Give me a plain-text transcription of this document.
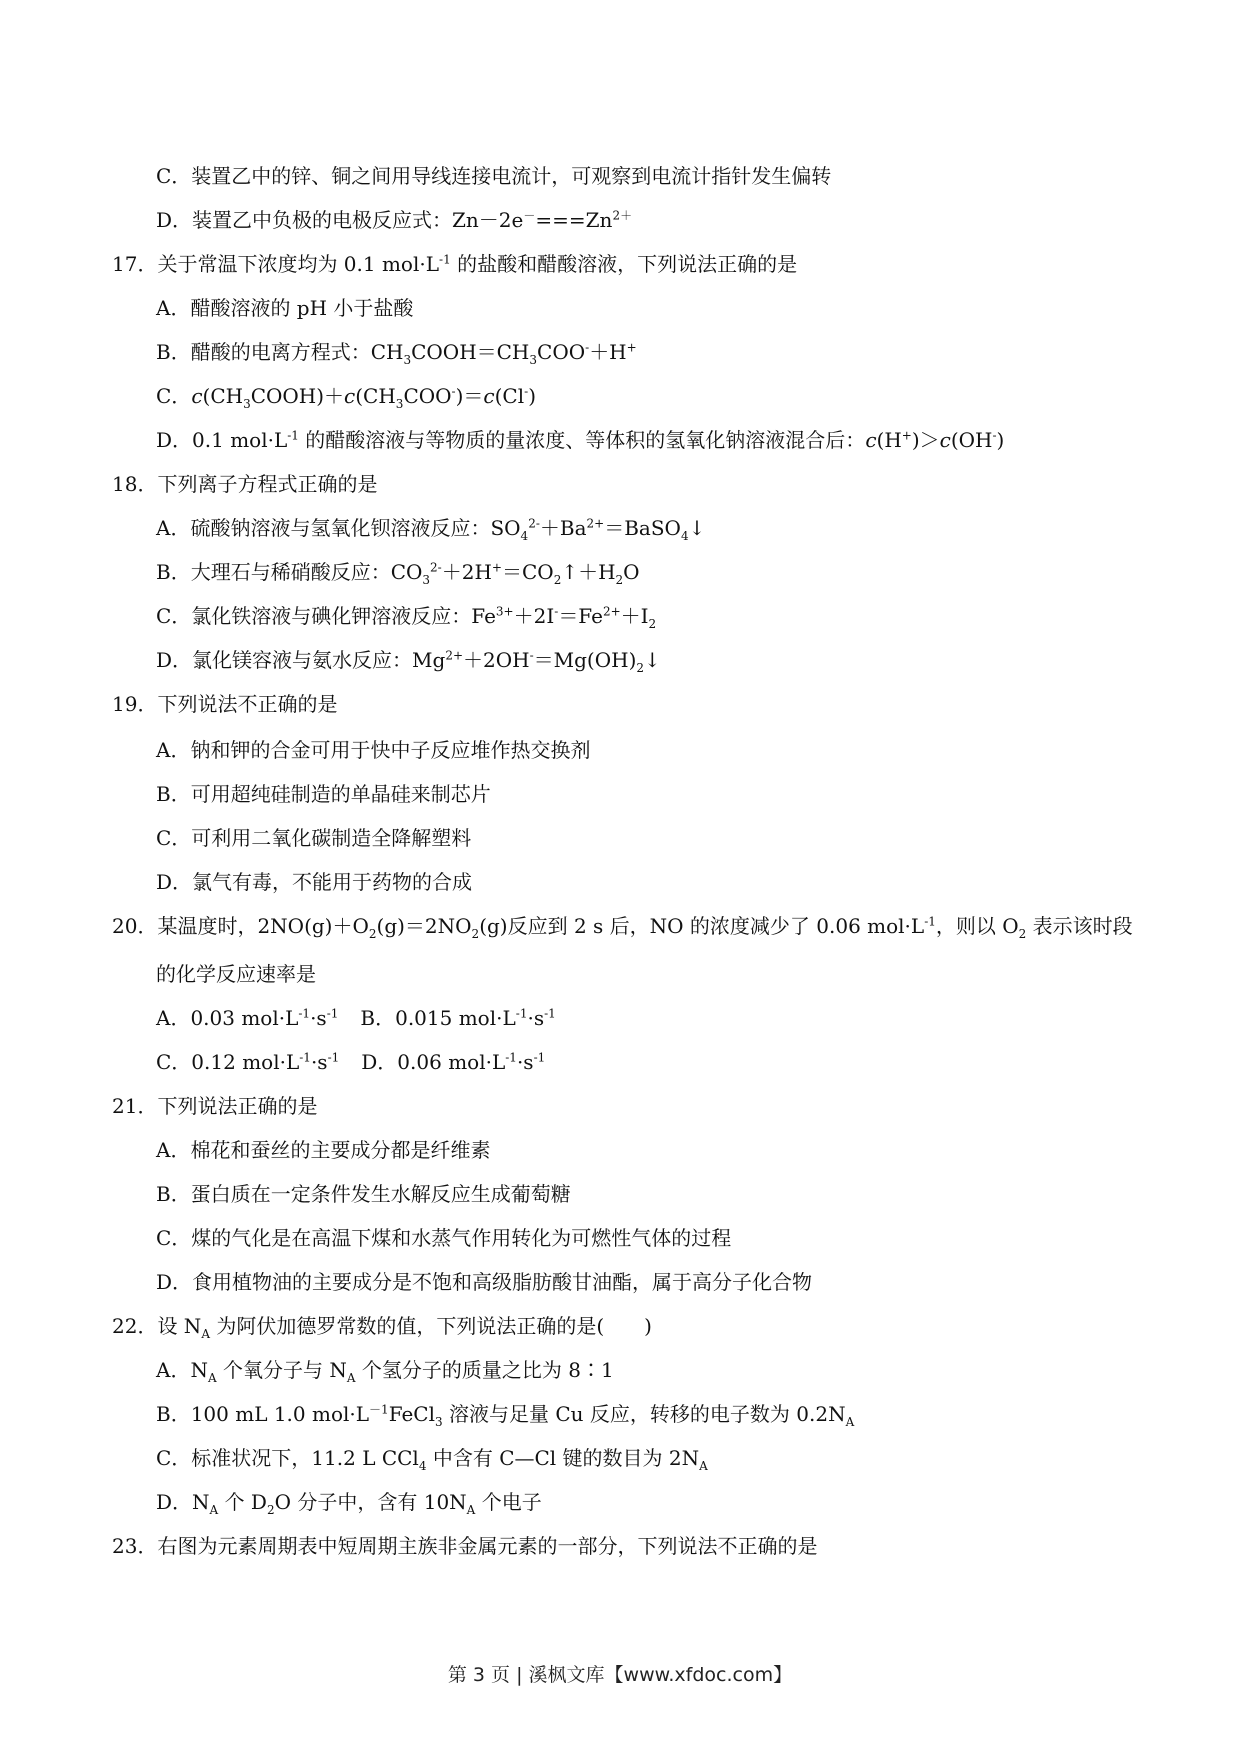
C．装置乙中的锌、铜之间用导线连接电流计，可观察到电流计指针发生偏转
D．装置乙中负极的电极反应式：$Zn-2e^-===Zn^{2+}$
17．关于常温下浓度均为 0.1 $mol\cdot L^{-1}$ 的盐酸和醋酸溶液，下列说法正确的是
A．醋酸溶液的 pH 小于盐酸
B．醋酸的电离方程式：$CH_3COOH=CH_3COO^-+H^+$
C．$c(CH_3COOH)+c(CH_3COO^-)=c(Cl^-)$
D．0.1 $mol\cdot L^{-1}$ 的醋酸溶液与等物质的量浓度、等体积的氢氧化钠溶液混合后：c(H+)＞c(OH-)
18．下列离子方程式正确的是
A．硫酸钠溶液与氢氧化钡溶液反应：$SO_4^{2-}+Ba^{2+}=BaSO_4↓$
B．大理石与稀硝酸反应：$CO_3^{2-}+2H^+=CO_2↑+H_2O$
C．氯化铁溶液与碘化钾溶液反应：$Fe^{3+}+2I^-=Fe^{2+}+I_2$
D．氯化镁容液与氨水反应：$Mg^{2+}+2OH^-=Mg(OH)_2↓$
19．下列说法不正确的是
A．钠和钾的合金可用于快中子反应堆作热交换剂
B．可用超纯硅制造的单晶硅来制芯片
C．可利用二氧化碳制造全降解塑料
D．氯气有毒，不能用于药物的合成
20．某温度时，$2NO(g)+O_2(g)=2NO_2(g)$反应到 2 s 后，NO 的浓度减少了 0.06 $mol\cdot L^{-1}$，则以 $O_2$ 表示该时段
的化学反应速率是
A．0.03 $mol\cdot L^{-1}\cdot s^{-1}$ B．0.015 $mol\cdot L^{-1}\cdot s^{-1}$
C．0.12 $mol\cdot L^{-1}\cdot s^{-1}$ D．0.06 $mol\cdot L^{-1}\cdot s^{-1}$
21．下列说法正确的是
A．棉花和蚕丝的主要成分都是纤维素
B．蛋白质在一定条件发生水解反应生成葡萄糖
C．煤的气化是在高温下煤和水蒸气作用转化为可燃性气体的过程
D．食用植物油的主要成分是不饱和高级脂肪酸甘油酯，属于高分子化合物
22．设 $N_A$ 为阿伏加德罗常数的值，下列说法正确的是(　　)
A．$N_A$ 个氧分子与 $N_A$ 个氢分子的质量之比为 8∶1
B．100 mL 1.0 $mol\cdot L^{-1}FeCl_3$ 溶液与足量 Cu 反应，转移的电子数为 $0.2N_A$
C．标准状况下，11.2 L CCl$_4$ 中含有 C—Cl 键的数目为 $2N_A$
D．$N_A$ 个 $D_2O$ 分子中，含有 $10N_A$ 个电子
23．右图为元素周期表中短周期主族非金属元素的一部分，下列说法不正确的是
第 3 页 | 溪枫文库【www.xfdoc.com】
